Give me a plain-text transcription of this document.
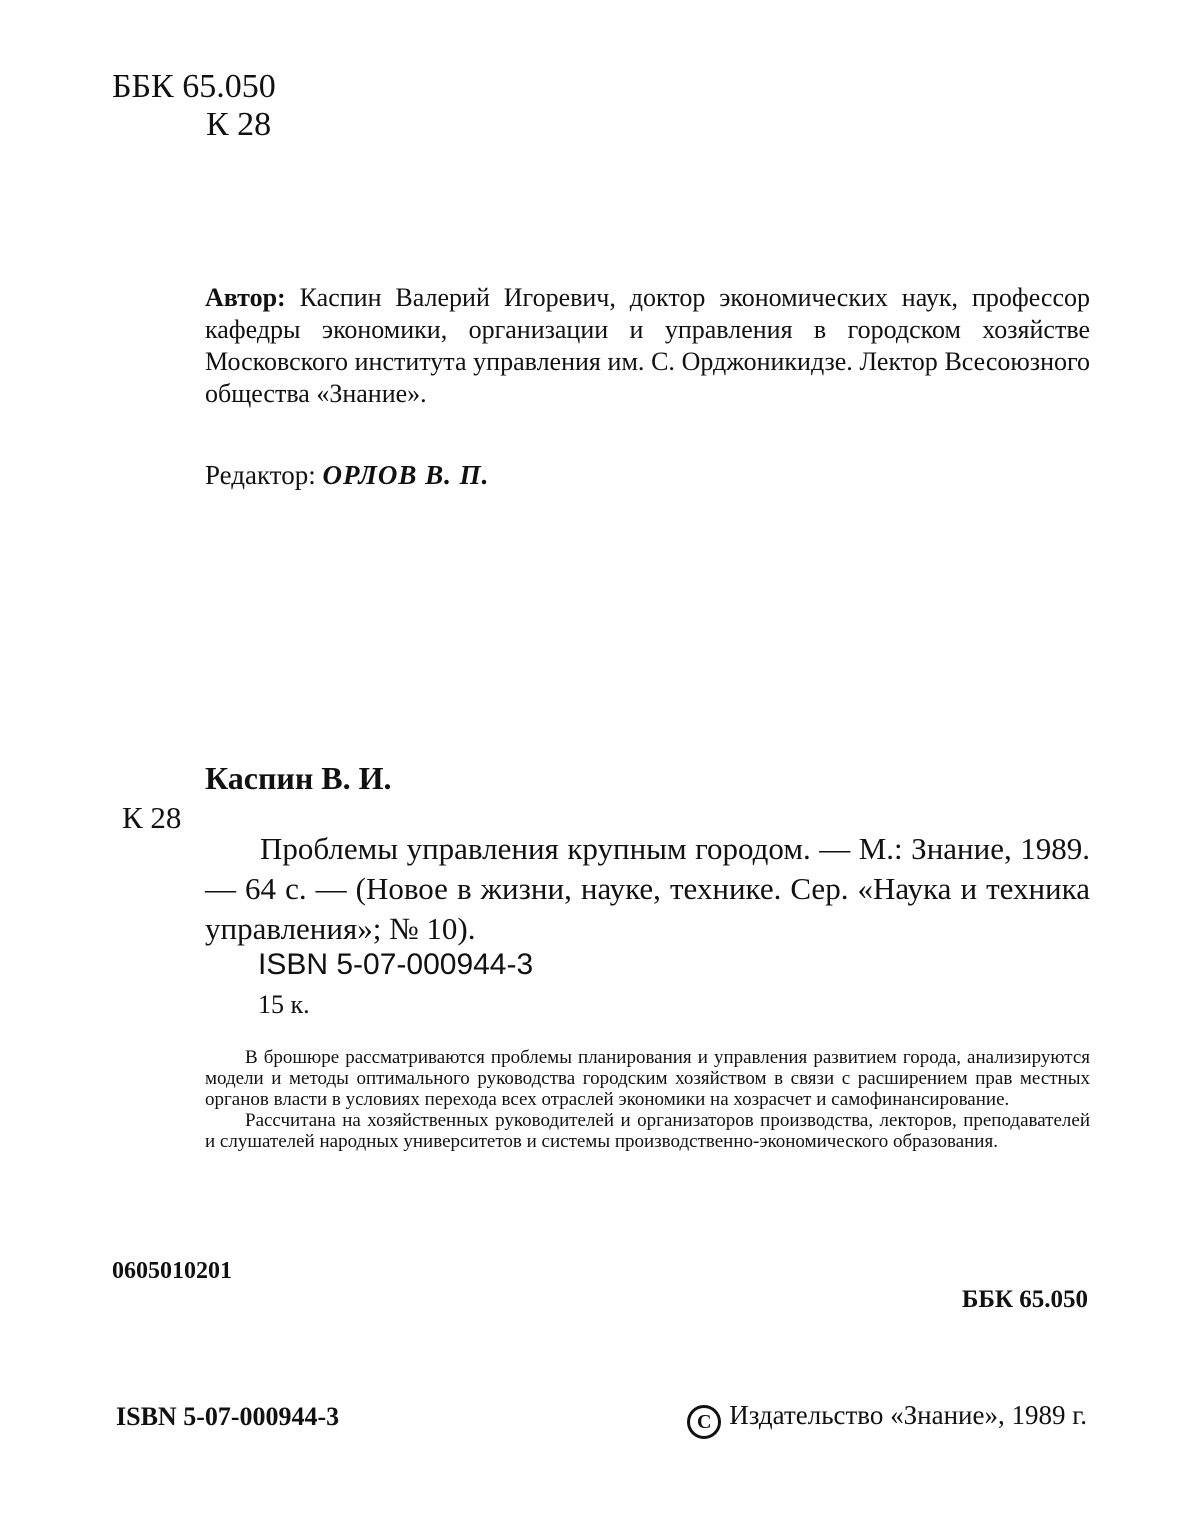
ББК 65.050
К 28

Автор: Каспин Валерий Игоревич, доктор экономических наук, профессор кафедры экономики, организации и управления в городском хозяйстве Московского института управления им. С. Орджоникидзе. Лектор Всесоюзного общества «Знание».

Редактор: ОРЛОВ В. П.
Каспин В. И.
К 28

Проблемы управления крупным городом. — М.: Знание, 1989. — 64 с. — (Новое в жизни, науке, технике. Сер. «Наука и техника управления»; № 10).

ISBN 5-07-000944-3
15 к.

В брошюре рассматриваются проблемы планирования и управления развитием города, анализируются модели и методы оптимального руководства городским хозяйством в связи с расширением прав местных органов власти в условиях перехода всех отраслей экономики на хозрасчет и самофинансирование.

Рассчитана на хозяйственных руководителей и организаторов производства, лекторов, преподавателей и слушателей народных университетов и системы производственно-экономического образования.

0605010201
ББК 65.050
ISBN 5-07-000944-3	C Издательство «Знание», 1989 г.
